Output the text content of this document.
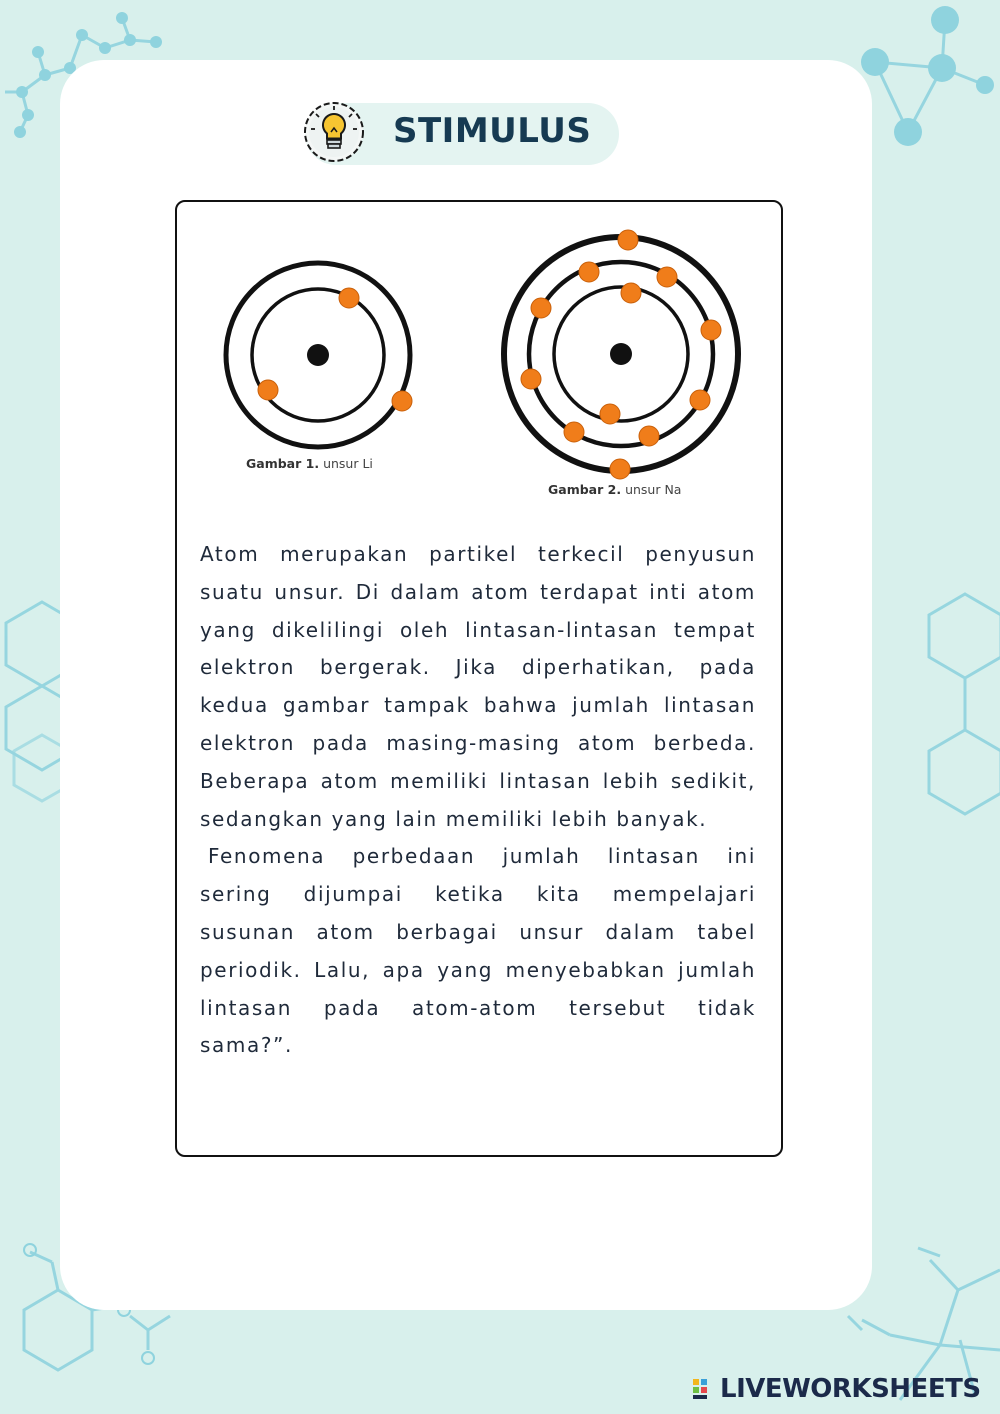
STIMULUS
Gambar 1. unsur Li
Gambar 2. unsur Na

Atom merupakan partikel terkecil penyusun suatu unsur. Di dalam atom terdapat inti atom yang dikelilingi oleh lintasan-lintasan tempat elektron bergerak. Jika diperhatikan, pada kedua gambar tampak bahwa jumlah lintasan elektron pada masing-masing atom berbeda. Beberapa atom memiliki lintasan lebih sedikit, sedangkan yang lain memiliki lebih banyak.

Fenomena perbedaan jumlah lintasan ini sering dijumpai ketika kita mempelajari susunan atom berbagai unsur dalam tabel periodik. Lalu, apa yang menyebabkan jumlah lintasan pada atom-atom tersebut tidak sama?”.

LIVEWORKSHEETS
